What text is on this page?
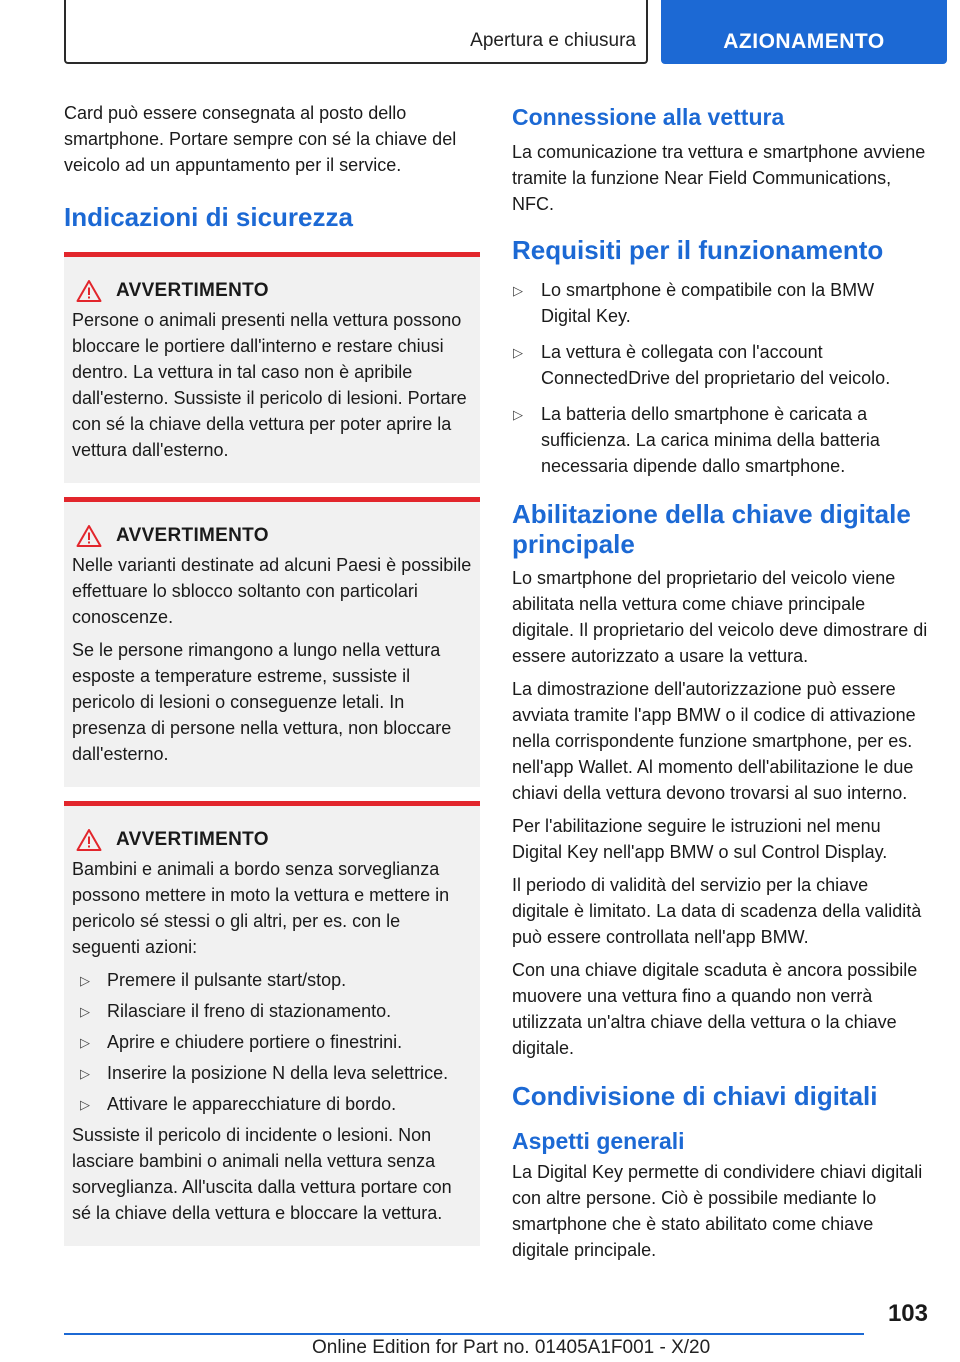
Apertura e chiusura	AZIONAMENTO

Card può essere consegnata al posto dello smartphone. Portare sempre con sé la chiave del veicolo ad un appuntamento per il service.

Indicazioni di sicurezza
AVVERTIMENTO

Persone o animali presenti nella vettura possono bloccare le portiere dall'interno e restare chiusi dentro. La vettura in tal caso non è apribile dall'esterno. Sussiste il pericolo di lesioni. Portare con sé la chiave della vettura per poter aprire la vettura dall'esterno.

AVVERTIMENTO

Nelle varianti destinate ad alcuni Paesi è possibile effettuare lo sblocco soltanto con particolari conoscenze.

Se le persone rimangono a lungo nella vettura esposte a temperature estreme, sussiste il pericolo di lesioni o conseguenze letali. In presenza di persone nella vettura, non bloccare dall'esterno.

AVVERTIMENTO

Bambini e animali a bordo senza sorveglianza possono mettere in moto la vettura e mettere in pericolo sé stessi o gli altri, per es. con le seguenti azioni:

▷ Premere il pulsante start/stop.
▷ Rilasciare il freno di stazionamento.
▷ Aprire e chiudere portiere o finestrini.
▷ Inserire la posizione N della leva selettrice.
▷ Attivare le apparecchiature di bordo.

Sussiste il pericolo di incidente o lesioni. Non lasciare bambini o animali nella vettura senza sorveglianza. All'uscita dalla vettura portare con sé la chiave della vettura e bloccare la vettura.

Connessione alla vettura

La comunicazione tra vettura e smartphone avviene tramite la funzione Near Field Communications, NFC.

Requisiti per il funzionamento
▷ Lo smartphone è compatibile con la BMW Digital Key.
▷ La vettura è collegata con l'account ConnectedDrive del proprietario del veicolo.
▷ La batteria dello smartphone è caricata a sufficienza. La carica minima della batteria necessaria dipende dallo smartphone.
Abilitazione della chiave digitale principale

Lo smartphone del proprietario del veicolo viene abilitata nella vettura come chiave principale digitale. Il proprietario del veicolo deve dimostrare di essere autorizzato a usare la vettura.

La dimostrazione dell'autorizzazione può essere avviata tramite l'app BMW o il codice di attivazione nella corrispondente funzione smartphone, per es. nell'app Wallet. Al momento dell'abilitazione le due chiavi della vettura devono trovarsi al suo interno.

Per l'abilitazione seguire le istruzioni nel menu Digital Key nell'app BMW o sul Control Display.

Il periodo di validità del servizio per la chiave digitale è limitato. La data di scadenza della validità può essere controllata nell'app BMW.

Con una chiave digitale scaduta è ancora possibile muovere una vettura fino a quando non verrà utilizzata un'altra chiave della vettura o la chiave digitale.

Condivisione di chiavi digitali
Aspetti generali

La Digital Key permette di condividere chiavi digitali con altre persone. Ciò è possibile mediante lo smartphone che è stato abilitato come chiave digitale principale.

103
Online Edition for Part no. 01405A1F001 - X/20
